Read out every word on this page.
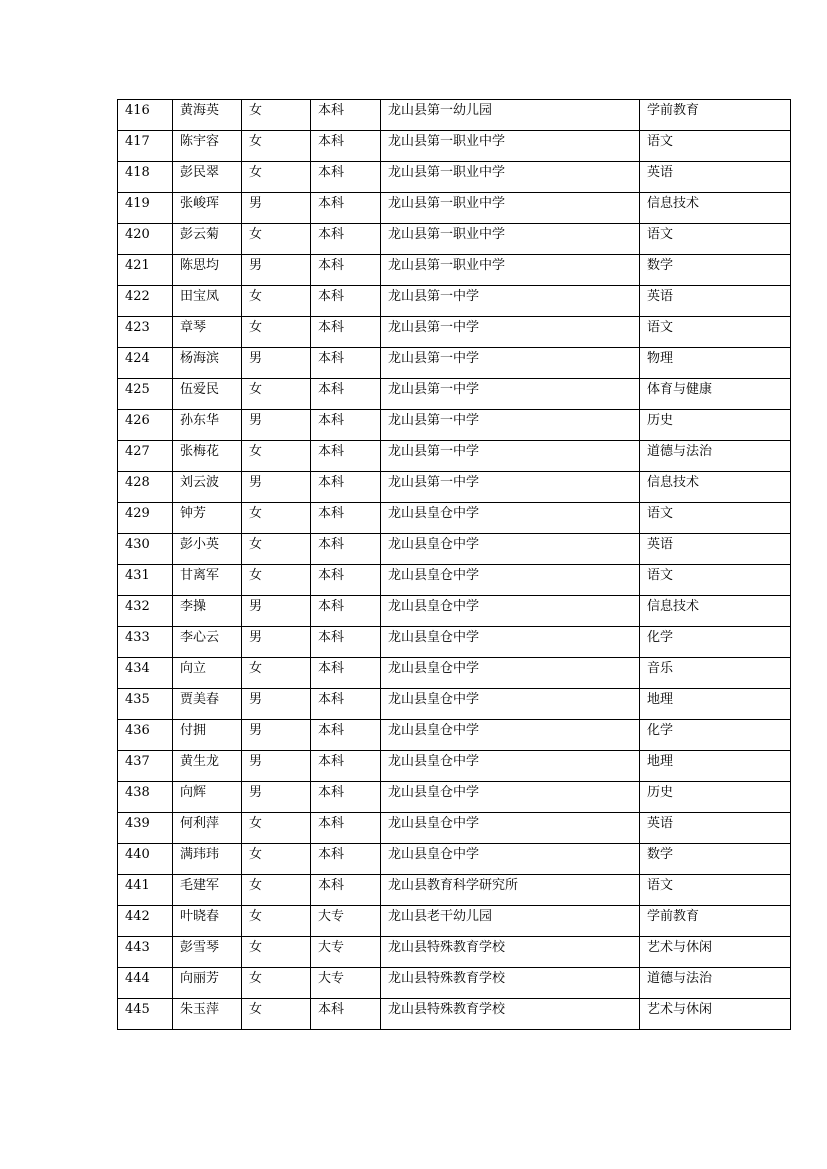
416	黄海英	女	本科	龙山县第一幼儿园	学前教育
417	陈宇容	女	本科	龙山县第一职业中学	语文
418	彭民翠	女	本科	龙山县第一职业中学	英语
419	张峻珲	男	本科	龙山县第一职业中学	信息技术
420	彭云菊	女	本科	龙山县第一职业中学	语文
421	陈思均	男	本科	龙山县第一职业中学	数学
422	田宝凤	女	本科	龙山县第一中学	英语
423	章琴	女	本科	龙山县第一中学	语文
424	杨海滨	男	本科	龙山县第一中学	物理
425	伍爱民	女	本科	龙山县第一中学	体育与健康
426	孙东华	男	本科	龙山县第一中学	历史
427	张梅花	女	本科	龙山县第一中学	道德与法治
428	刘云波	男	本科	龙山县第一中学	信息技术
429	钟芳	女	本科	龙山县皇仓中学	语文
430	彭小英	女	本科	龙山县皇仓中学	英语
431	甘离军	女	本科	龙山县皇仓中学	语文
432	李操	男	本科	龙山县皇仓中学	信息技术
433	李心云	男	本科	龙山县皇仓中学	化学
434	向立	女	本科	龙山县皇仓中学	音乐
435	贾美春	男	本科	龙山县皇仓中学	地理
436	付拥	男	本科	龙山县皇仓中学	化学
437	黄生龙	男	本科	龙山县皇仓中学	地理
438	向辉	男	本科	龙山县皇仓中学	历史
439	何利萍	女	本科	龙山县皇仓中学	英语
440	满玮玮	女	本科	龙山县皇仓中学	数学
441	毛建军	女	本科	龙山县教育科学研究所	语文
442	叶晓春	女	大专	龙山县老干幼儿园	学前教育
443	彭雪琴	女	大专	龙山县特殊教育学校	艺术与休闲
444	向丽芳	女	大专	龙山县特殊教育学校	道德与法治
445	朱玉萍	女	本科	龙山县特殊教育学校	艺术与休闲
